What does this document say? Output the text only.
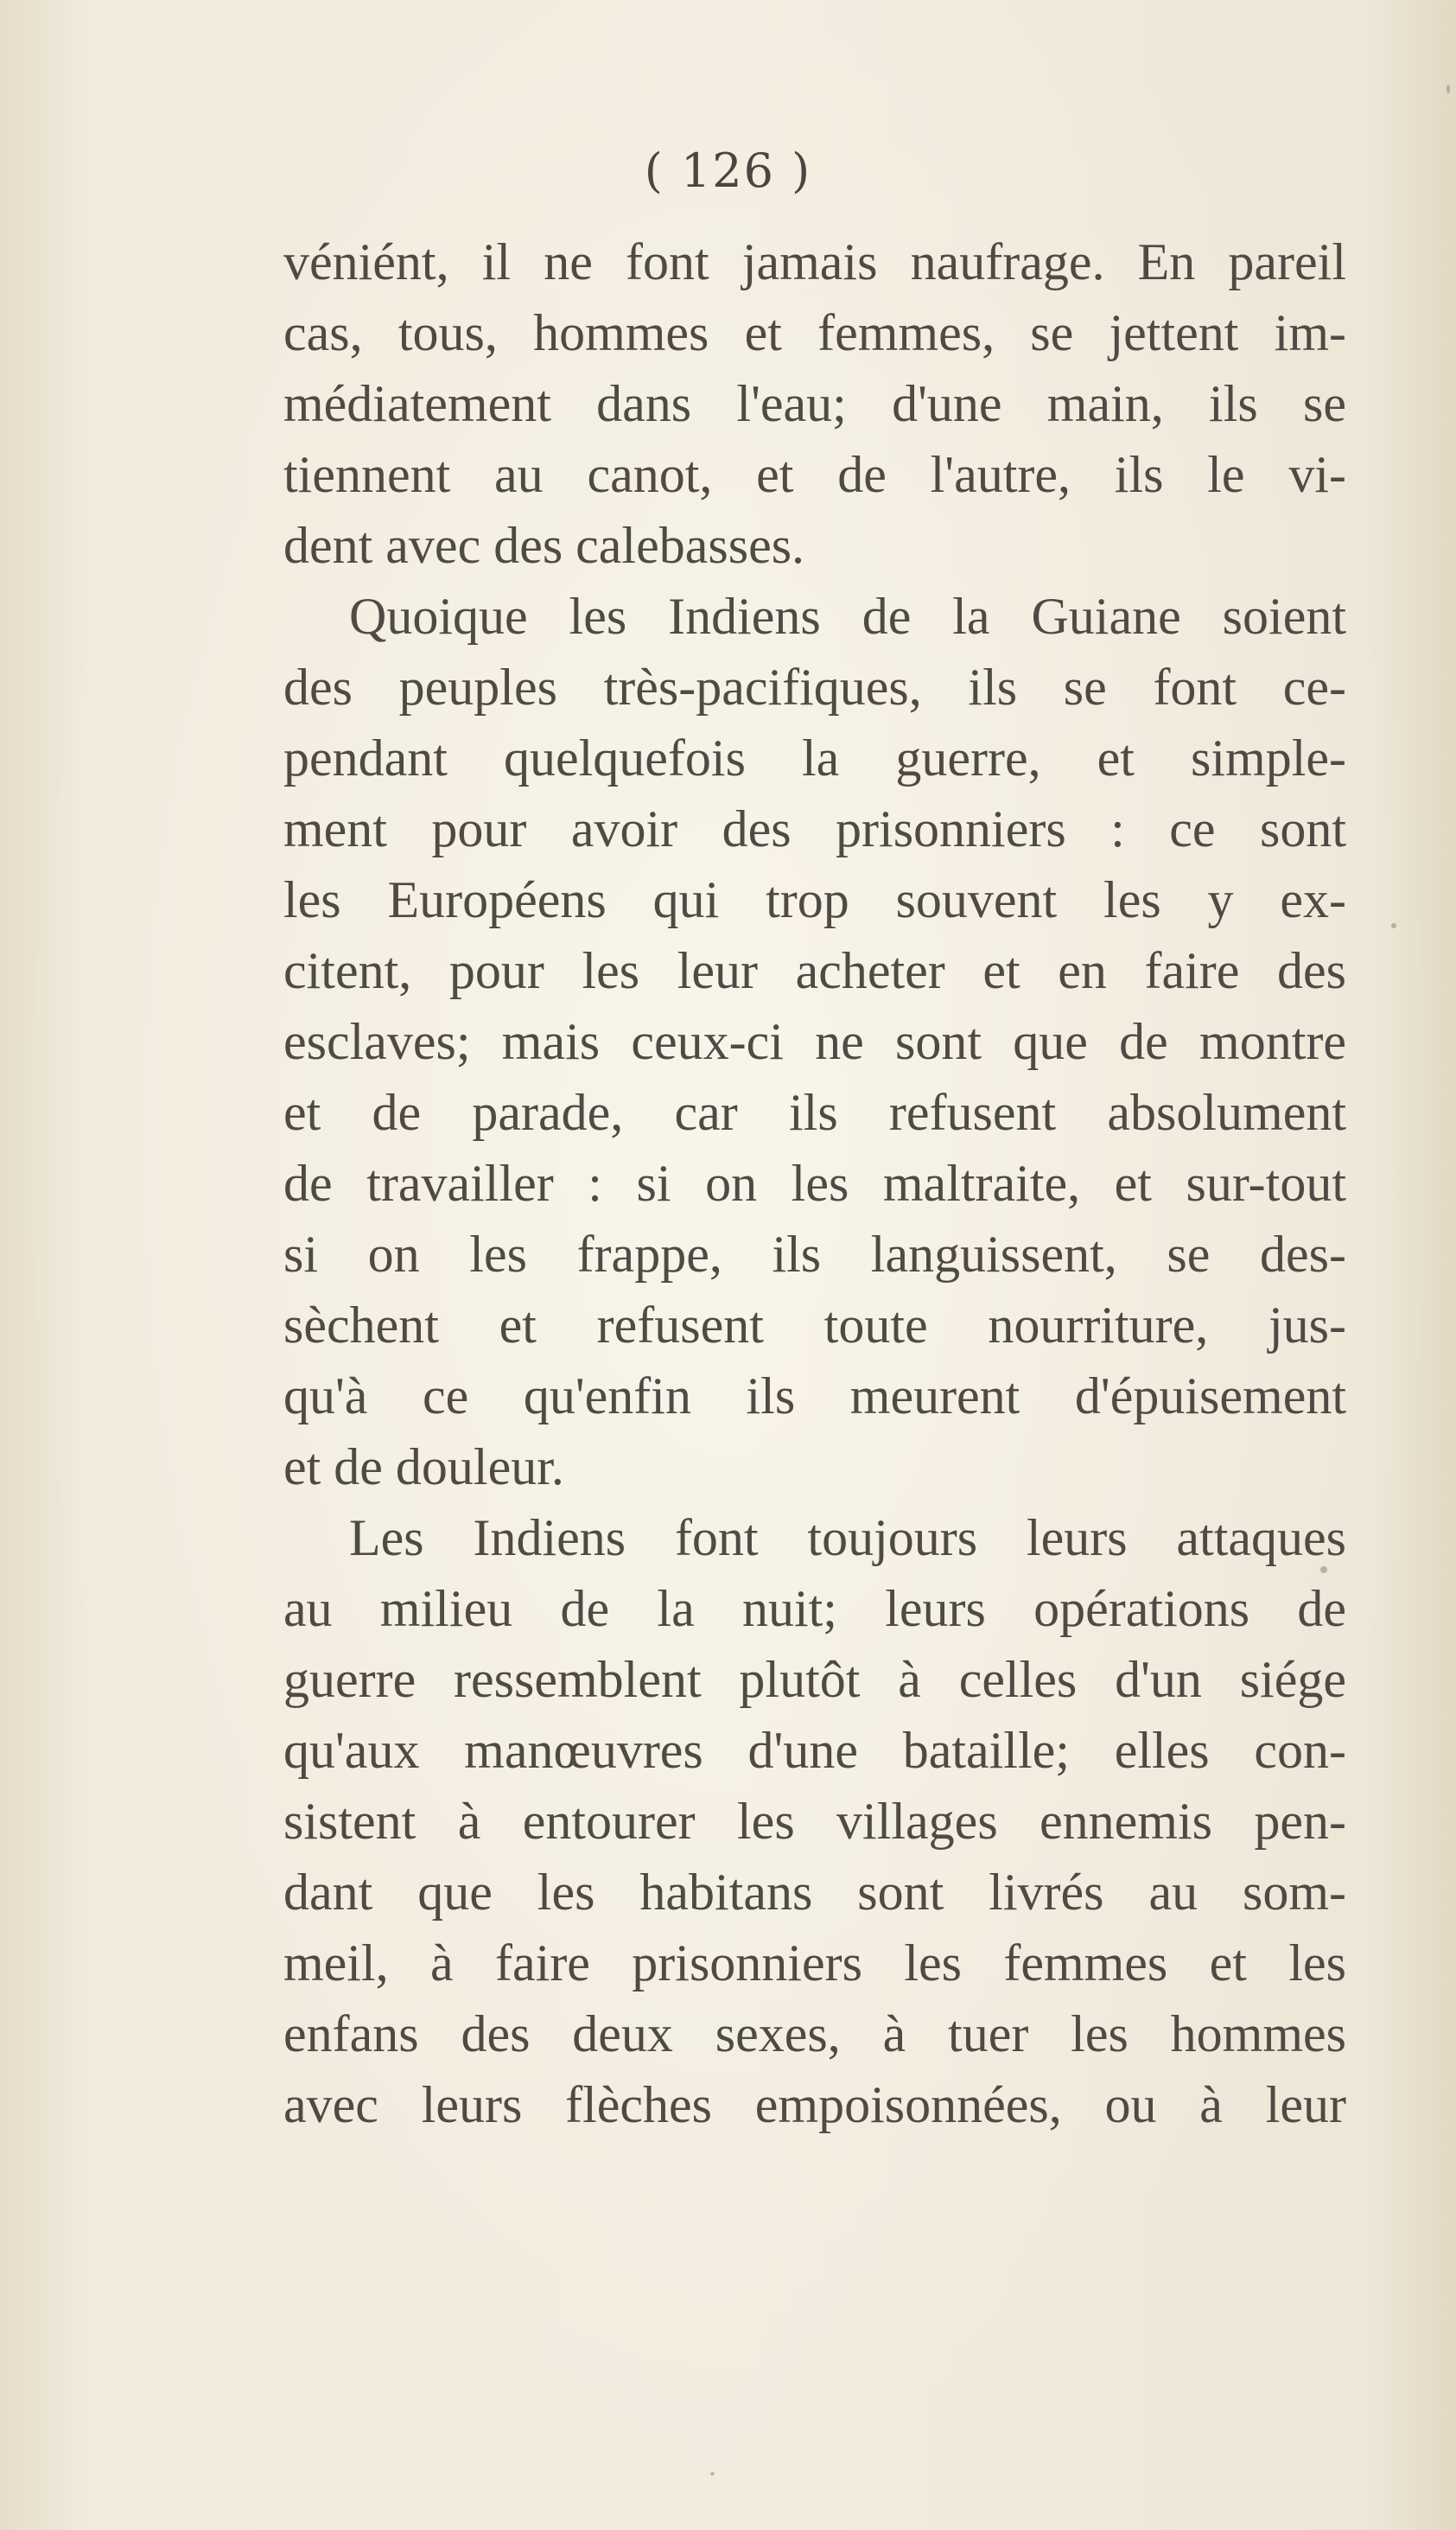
( 126 )
véniént, il ne font jamais naufrage. En pareil
cas, tous, hommes et femmes, se jettent im-
médiatement dans l'eau; d'une main, ils se
tiennent au canot, et de l'autre, ils le vi-
dent avec des calebasses.
Quoique les Indiens de la Guiane soient
des peuples très-pacifiques, ils se font ce-
pendant quelquefois la guerre, et simple-
ment pour avoir des prisonniers : ce sont
les Européens qui trop souvent les y ex-
citent, pour les leur acheter et en faire des
esclaves; mais ceux-ci ne sont que de montre
et de parade, car ils refusent absolument
de travailler : si on les maltraite, et sur-tout
si on les frappe, ils languissent, se des-
sèchent et refusent toute nourriture, jus-
qu'à ce qu'enfin ils meurent d'épuisement
et de douleur.
Les Indiens font toujours leurs attaques
au milieu de la nuit; leurs opérations de
guerre ressemblent plutôt à celles d'un siége
qu'aux manœuvres d'une bataille; elles con-
sistent à entourer les villages ennemis pen-
dant que les habitans sont livrés au som-
meil, à faire prisonniers les femmes et les
enfans des deux sexes, à tuer les hommes
avec leurs flèches empoisonnées, ou à leur
